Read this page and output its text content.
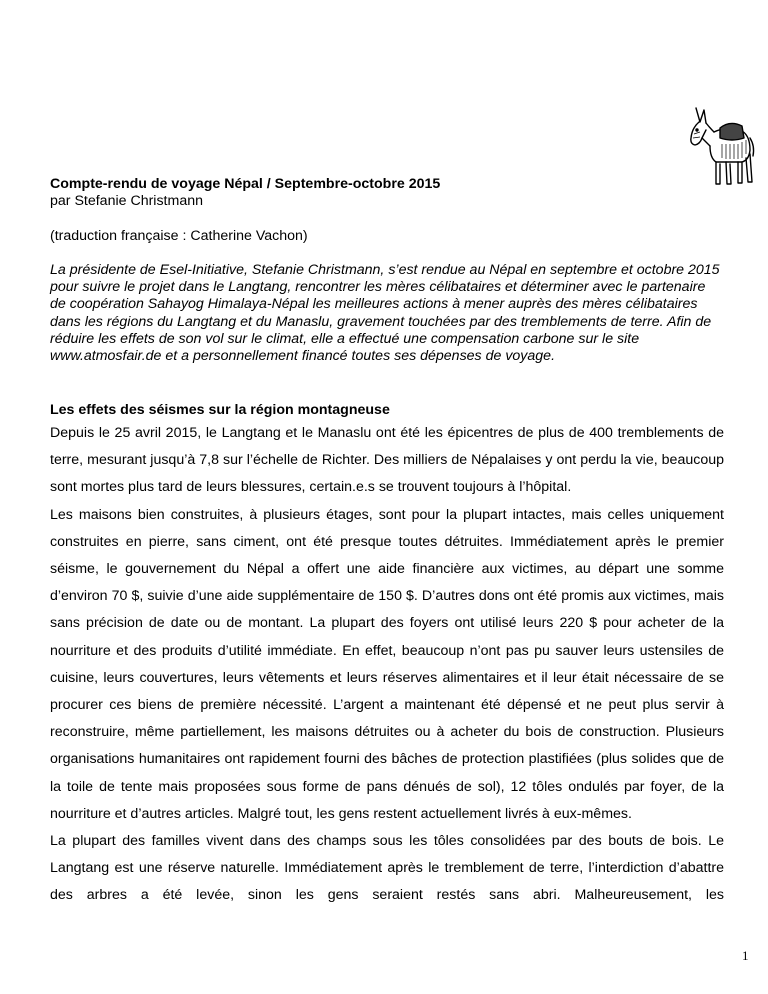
Compte-rendu de voyage Népal / Septembre-octobre 2015
par Stefanie Christmann
(traduction française : Catherine Vachon)
La présidente de Esel-Initiative, Stefanie Christmann, s’est rendue au Népal en septembre et octobre 2015 pour suivre le projet dans le Langtang, rencontrer les mères célibataires et déterminer avec le partenaire de coopération Sahayog Himalaya-Népal les meilleures actions à mener auprès des mères célibataires dans les régions du Langtang et du Manaslu, gravement touchées par des tremblements de terre. Afin de réduire les effets de son vol sur le climat, elle a effectué une compensation carbone sur le site www.atmosfair.de et a personnellement financé toutes ses dépenses de voyage.
Les effets des séismes sur la région montagneuse

Depuis le 25 avril 2015, le Langtang et le Manaslu ont été les épicentres de plus de 400 tremblements de terre, mesurant jusqu’à 7,8 sur l’échelle de Richter. Des milliers de Népalaises y ont perdu la vie, beaucoup sont mortes plus tard de leurs blessures, certain.e.s se trouvent toujours à l’hôpital.

Les maisons bien construites, à plusieurs étages, sont pour la plupart intactes, mais celles uniquement construites en pierre, sans ciment, ont été presque toutes détruites. Immédiatement après le premier séisme, le gouvernement du Népal a offert une aide financière aux victimes, au départ une somme d’environ 70 $, suivie d’une aide supplémentaire de 150 $. D’autres dons ont été promis aux victimes, mais sans précision de date ou de montant. La plupart des foyers ont utilisé leurs 220 $ pour acheter de la nourriture et des produits d’utilité immédiate. En effet, beaucoup n’ont pas pu sauver leurs ustensiles de cuisine, leurs couvertures, leurs vêtements et leurs réserves alimentaires et il leur était nécessaire de se procurer ces biens de première nécessité. L’argent a maintenant été dépensé et ne peut plus servir à reconstruire, même partiellement, les maisons détruites ou à acheter du bois de construction. Plusieurs organisations humanitaires ont rapidement fourni des bâches de protection plastifiées (plus solides que de la toile de tente mais proposées sous forme de pans dénués de sol), 12 tôles ondulés par foyer, de la nourriture et d’autres articles. Malgré tout, les gens restent actuellement livrés à eux-mêmes.

La plupart des familles vivent dans des champs sous les tôles consolidées par des bouts de bois. Le Langtang est une réserve naturelle. Immédiatement après le tremblement de terre, l’interdiction d’abattre des arbres a été levée, sinon les gens seraient restés sans abri. Malheureusement, les

1
